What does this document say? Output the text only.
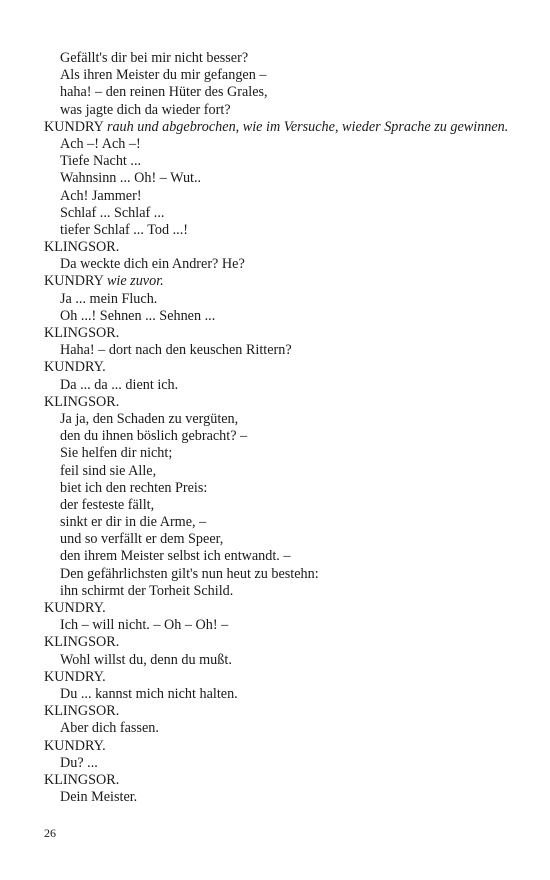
Gefällt's dir bei mir nicht besser?
Als ihren Meister du mir gefangen –
haha! – den reinen Hüter des Grales,
was jagte dich da wieder fort?
KUNDRY rauh und abgebrochen, wie im Versuche, wieder Sprache zu gewinnen.
Ach –! Ach –!
Tiefe Nacht ...
Wahnsinn ... Oh! – Wut..
Ach! Jammer!
Schlaf ... Schlaf ...
tiefer Schlaf ... Tod ...!
KLINGSOR.
Da weckte dich ein Andrer? He?
KUNDRY wie zuvor.
Ja ... mein Fluch.
Oh ...! Sehnen ... Sehnen ...
KLINGSOR.
Haha! – dort nach den keuschen Rittern?
KUNDRY.
Da ... da ... dient ich.
KLINGSOR.
Ja ja, den Schaden zu vergüten,
den du ihnen böslich gebracht? –
Sie helfen dir nicht;
feil sind sie Alle,
biet ich den rechten Preis:
der festeste fällt,
sinkt er dir in die Arme, –
und so verfällt er dem Speer,
den ihrem Meister selbst ich entwandt. –
Den gefährlichsten gilt's nun heut zu bestehn:
ihn schirmt der Torheit Schild.
KUNDRY.
Ich – will nicht. – Oh – Oh! –
KLINGSOR.
Wohl willst du, denn du mußt.
KUNDRY.
Du ... kannst mich nicht halten.
KLINGSOR.
Aber dich fassen.
KUNDRY.
Du? ...
KLINGSOR.
Dein Meister.
26
